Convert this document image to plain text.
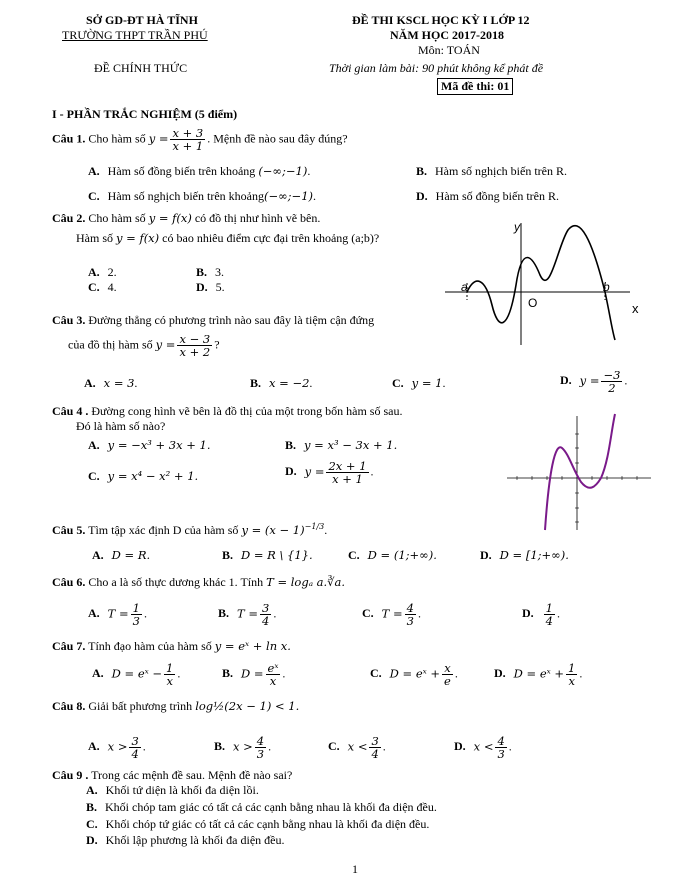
SỞ GD-ĐT HÀ TĨNH
TRƯỜNG THPT TRẦN PHÚ
ĐỀ CHÍNH THỨC
ĐỀ THI KSCL HỌC KỲ I LỚP 12
NĂM HỌC 2017-2018
Môn: TOÁN
Thời gian làm bài: 90 phút không kể phát đề
Mã đề thi: 01
I - PHẦN TRẮC NGHIỆM (5 điểm)
Câu 1. Cho hàm số $y = \frac{x + 3}{x + 1}$ . Mệnh đề nào sau đây đúng?
A. Hàm số đồng biến trên khoảng (−∞;−1).	B. Hàm số nghịch biến trên R.
C. Hàm số nghịch biến trên khoảng(−∞;−1).	D. Hàm số đồng biến trên R.
Câu 2. Cho hàm số y = f(x) có đồ thị như hình vẽ bên.
Hàm số y = f(x) có bao nhiêu điểm cực đại trên khoảng (a;b)?
A. 2.	B. 3.
C. 4.	D. 5.
y
x
O
a	b
Câu 3. Đường thẳng có phương trình nào sau đây là tiệm cận đứng
của đồ thị hàm số $y = \frac{x - 3}{x + 2}$ ?
A. x = 3.	B. x = −2.	C. y = 1.	D. $y = \frac{-3}{2}$ .
Câu 4 . Đường cong hình vẽ bên là đồ thị của một trong bốn hàm số sau.
Đó là hàm số nào?
A. y = −x³ + 3x + 1.	B. y = x³ − 3x + 1.
C. y = x⁴ − x² + 1.	D. $y = \frac{2x + 1}{x + 1}$ .
Câu 5. Tìm tập xác định D của hàm số $y = (x - 1)^{-1/3}$.
A. D = R.	B. D = R \ {1}.	C. D = (1;+∞).	D. D = [1;+∞).
Câu 6. Cho a là số thực dương khác 1. Tính T = logₐ a.∛a.
A. $T = \frac{1}{3}$ .	B. $T = \frac{3}{4}$ .	C. $T = \frac{4}{3}$ .	D. $\frac{1}{4}$ .
Câu 7. Tính đạo hàm của hàm số y = eˣ + ln x.
A. D = eˣ − $\frac{1}{x}$ .	B. $D = \frac{\text{eˣ}}{x}$ .	C. D = eˣ + $\frac{x}{e}$ .	D. D = eˣ + $\frac{1}{x}$ .
Câu 8. Giải bất phương trình log½(2x − 1) < 1.
A. $x > \frac{3}{4}$ .	B. $x > \frac{4}{3}$ .	C. $x < \frac{3}{4}$ .	D. $x < \frac{4}{3}$ .
Câu 9 . Trong các mệnh đề sau. Mệnh đề nào sai?
A. Khối tứ diện là khối đa diện lồi.
B. Khối chóp tam giác có tất cả các cạnh bằng nhau là khối đa diện đều.
C. Khối chóp tứ giác có tất cả các cạnh bằng nhau là khối đa diện đều.
D. Khối lập phương là khối đa diện đều.
1
